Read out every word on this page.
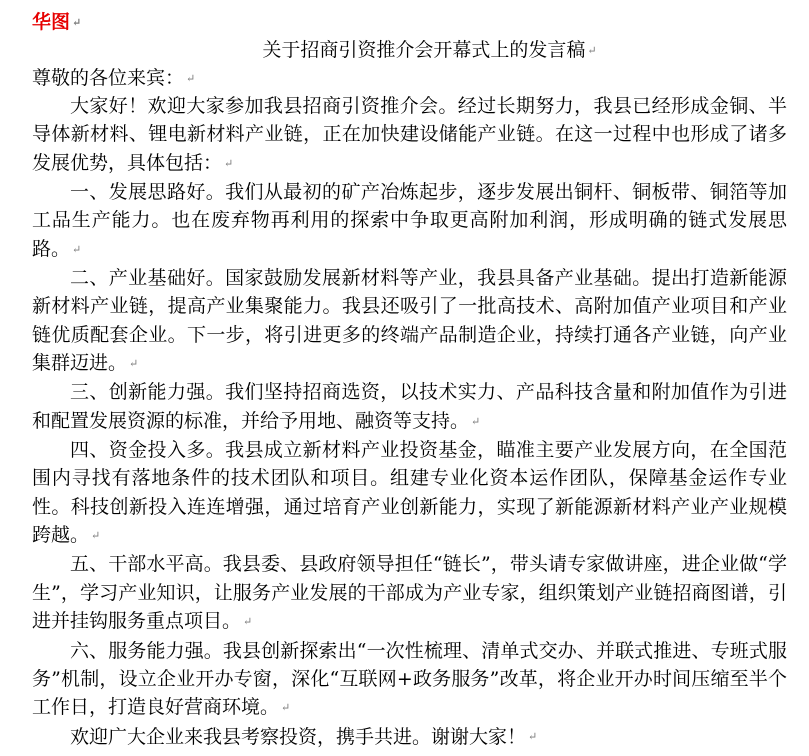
华图 ↵
关于招商引资推介会开幕式上的发言稿 ↵
尊敬的各位来宾： ↵

大家好！欢迎大家参加我县招商引资推介会。经过长期努力，我县已经形成金铜、半导体新材料、锂电新材料产业链，正在加快建设储能产业链。在这一过程中也形成了诸多发展优势，具体包括： ↵

一、发展思路好。我们从最初的矿产冶炼起步，逐步发展出铜杆、铜板带、铜箔等加工品生产能力。也在废弃物再利用的探索中争取更高附加利润，形成明确的链式发展思路。 ↵

二、产业基础好。国家鼓励发展新材料等产业，我县具备产业基础。提出打造新能源新材料产业链，提高产业集聚能力。我县还吸引了一批高技术、高附加值产业项目和产业链优质配套企业。下一步，将引进更多的终端产品制造企业，持续打通各产业链，向产业集群迈进。 ↵

三、创新能力强。我们坚持招商选资，以技术实力、产品科技含量和附加值作为引进和配置发展资源的标准，并给予用地、融资等支持。 ↵

四、资金投入多。我县成立新材料产业投资基金，瞄准主要产业发展方向，在全国范围内寻找有落地条件的技术团队和项目。组建专业化资本运作团队，保障基金运作专业性。科技创新投入连连增强，通过培育产业创新能力，实现了新能源新材料产业产业规模跨越。 ↵

五、干部水平高。我县委、县政府领导担任“链长”，带头请专家做讲座，进企业做“学生”，学习产业知识，让服务产业发展的干部成为产业专家，组织策划产业链招商图谱，引进并挂钩服务重点项目。 ↵

六、服务能力强。我县创新探索出“一次性梳理、清单式交办、并联式推进、专班式服务”机制，设立企业开办专窗，深化“互联网+政务服务”改革，将企业开办时间压缩至半个工作日，打造良好营商环境。 ↵

欢迎广大企业来我县考察投资，携手共进。谢谢大家！ ↵
